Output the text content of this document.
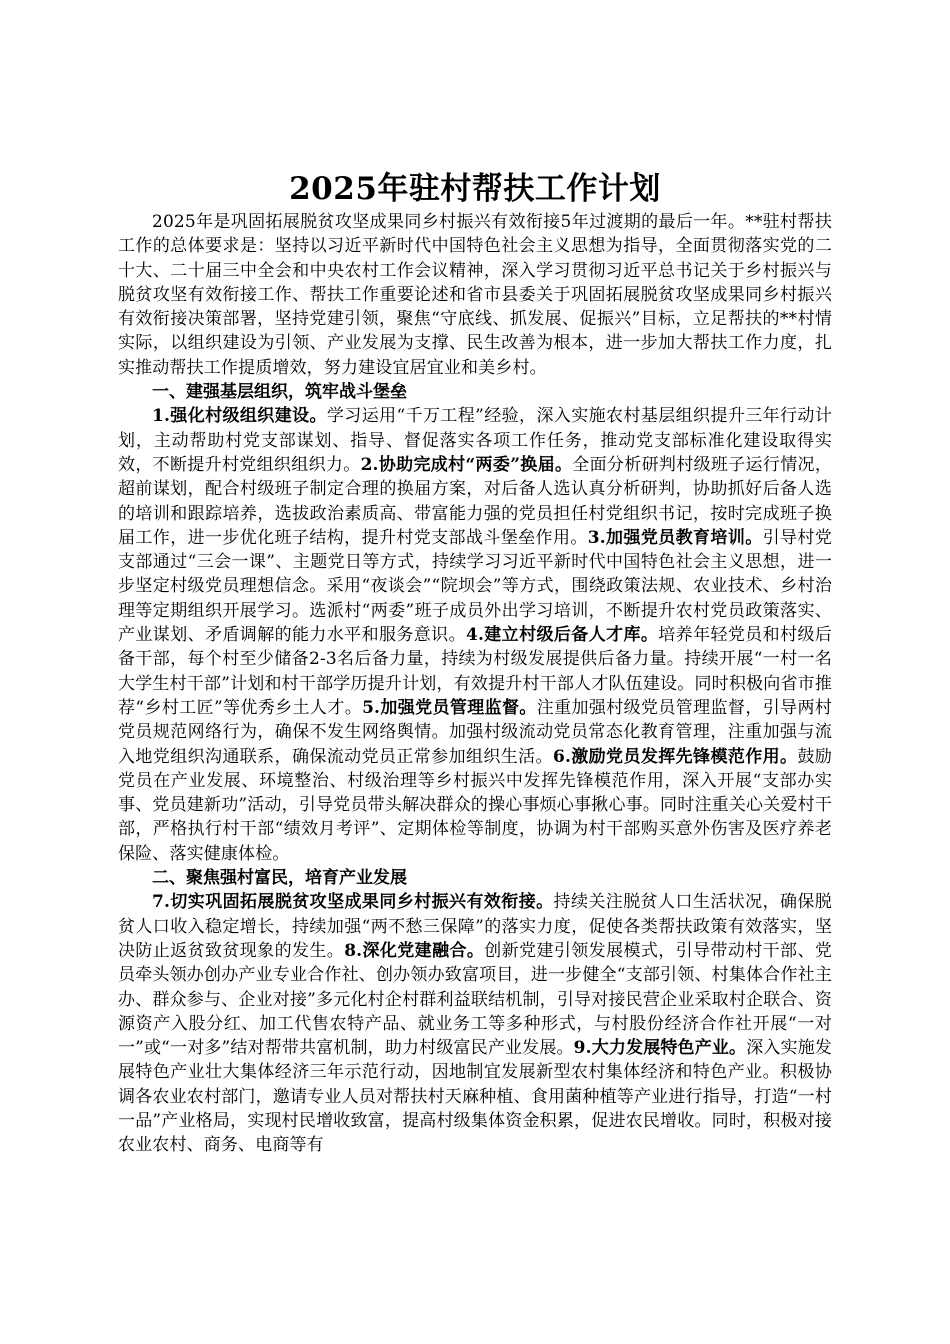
2025年驻村帮扶工作计划

2025年是巩固拓展脱贫攻坚成果同乡村振兴有效衔接5年过渡期的最后一年。**驻村帮扶工作的总体要求是：坚持以习近平新时代中国特色社会主义思想为指导，全面贯彻落实党的二十大、二十届三中全会和中央农村工作会议精神，深入学习贯彻习近平总书记关于乡村振兴与脱贫攻坚有效衔接工作、帮扶工作重要论述和省市县委关于巩固拓展脱贫攻坚成果同乡村振兴有效衔接决策部署，坚持党建引领，聚焦“守底线、抓发展、促振兴”目标，立足帮扶的**村情实际，以组织建设为引领、产业发展为支撑、民生改善为根本，进一步加大帮扶工作力度，扎实推动帮扶工作提质增效，努力建设宜居宜业和美乡村。

一、建强基层组织，筑牢战斗堡垒

1.强化村级组织建设。学习运用“千万工程”经验，深入实施农村基层组织提升三年行动计划，主动帮助村党支部谋划、指导、督促落实各项工作任务，推动党支部标准化建设取得实效，不断提升村党组织组织力。2.协助完成村“两委”换届。全面分析研判村级班子运行情况，超前谋划，配合村级班子制定合理的换届方案，对后备人选认真分析研判，协助抓好后备人选的培训和跟踪培养，选拔政治素质高、带富能力强的党员担任村党组织书记，按时完成班子换届工作，进一步优化班子结构，提升村党支部战斗堡垒作用。3.加强党员教育培训。引导村党支部通过“三会一课”、主题党日等方式，持续学习习近平新时代中国特色社会主义思想，进一步坚定村级党员理想信念。采用“夜谈会”“院坝会”等方式，围绕政策法规、农业技术、乡村治理等定期组织开展学习。选派村“两委”班子成员外出学习培训，不断提升农村党员政策落实、产业谋划、矛盾调解的能力水平和服务意识。4.建立村级后备人才库。培养年轻党员和村级后备干部，每个村至少储备2-3名后备力量，持续为村级发展提供后备力量。持续开展“一村一名大学生村干部”计划和村干部学历提升计划，有效提升村干部人才队伍建设。同时积极向省市推荐“乡村工匠”等优秀乡土人才。5.加强党员管理监督。注重加强村级党员管理监督，引导两村党员规范网络行为，确保不发生网络舆情。加强村级流动党员常态化教育管理，注重加强与流入地党组织沟通联系，确保流动党员正常参加组织生活。6.激励党员发挥先锋模范作用。鼓励党员在产业发展、环境整治、村级治理等乡村振兴中发挥先锋模范作用，深入开展“支部办实事、党员建新功”活动，引导党员带头解决群众的操心事烦心事揪心事。同时注重关心关爱村干部，严格执行村干部“绩效月考评”、定期体检等制度，协调为村干部购买意外伤害及医疗养老保险、落实健康体检。

二、聚焦强村富民，培育产业发展

7.切实巩固拓展脱贫攻坚成果同乡村振兴有效衔接。持续关注脱贫人口生活状况，确保脱贫人口收入稳定增长，持续加强“两不愁三保障”的落实力度，促使各类帮扶政策有效落实，坚决防止返贫致贫现象的发生。8.深化党建融合。创新党建引领发展模式，引导带动村干部、党员牵头领办创办产业专业合作社、创办领办致富项目，进一步健全“支部引领、村集体合作社主办、群众参与、企业对接”多元化村企村群利益联结机制，引导对接民营企业采取村企联合、资源资产入股分红、加工代售农特产品、就业务工等多种形式，与村股份经济合作社开展“一对一”或“一对多”结对帮带共富机制，助力村级富民产业发展。9.大力发展特色产业。深入实施发展特色产业壮大集体经济三年示范行动，因地制宜发展新型农村集体经济和特色产业。积极协调各农业农村部门，邀请专业人员对帮扶村天麻种植、食用菌种植等产业进行指导，打造“一村一品”产业格局，实现村民增收致富，提高村级集体资金积累，促进农民增收。同时，积极对接农业农村、商务、电商等有
